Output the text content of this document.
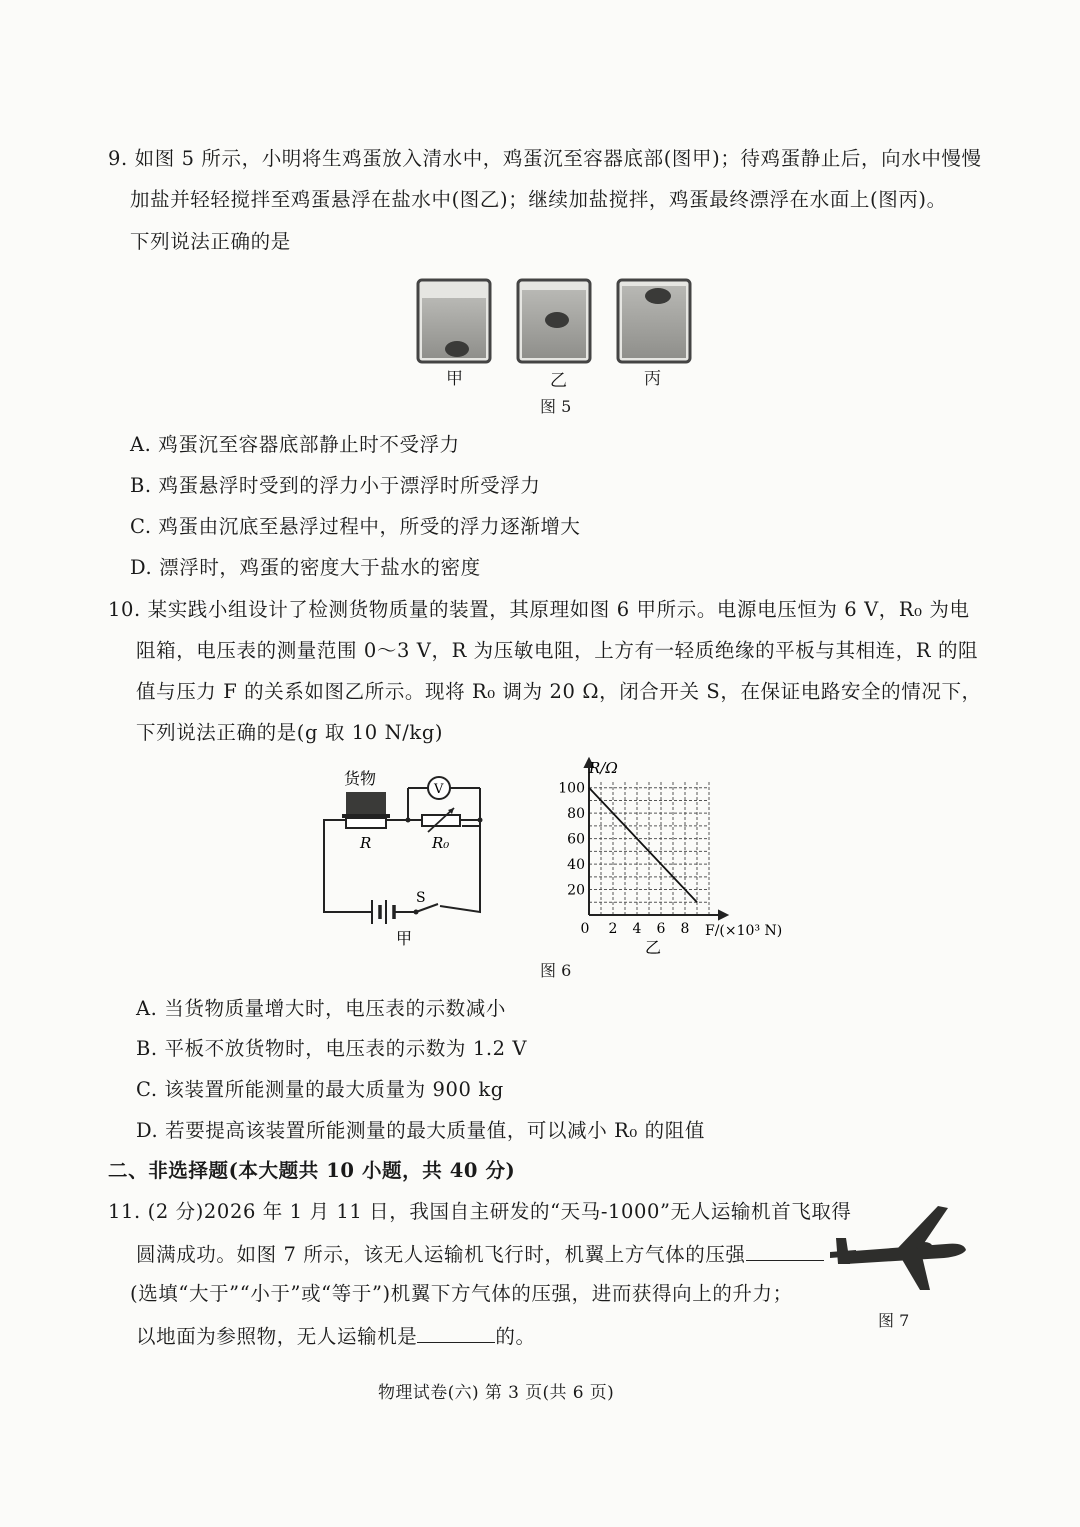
9. 如图 5 所示，小明将生鸡蛋放入清水中，鸡蛋沉至容器底部(图甲)；待鸡蛋静止后，向水中慢慢
加盐并轻轻搅拌至鸡蛋悬浮在盐水中(图乙)；继续加盐搅拌，鸡蛋最终漂浮在水面上(图丙)。
下列说法正确的是
甲	乙	丙
图 5
A. 鸡蛋沉至容器底部静止时不受浮力
B. 鸡蛋悬浮时受到的浮力小于漂浮时所受浮力
C. 鸡蛋由沉底至悬浮过程中，所受的浮力逐渐增大
D. 漂浮时，鸡蛋的密度大于盐水的密度
10. 某实践小组设计了检测货物质量的装置，其原理如图 6 甲所示。电源电压恒为 6 V，R₀ 为电
阻箱，电压表的测量范围 0～3 V，R 为压敏电阻，上方有一轻质绝缘的平板与其相连，R 的阻
值与压力 F 的关系如图乙所示。现将 R₀ 调为 20 Ω，闭合开关 S，在保证电路安全的情况下，
下列说法正确的是(g 取 10 N/kg)
货物
V
R	R₀
S
甲
100
80
60
40
20
0 2 4 6 8
R/Ω
F/(×10³ N)
乙
图 6
A. 当货物质量增大时，电压表的示数减小
B. 平板不放货物时，电压表的示数为 1.2 V
C. 该装置所能测量的最大质量为 900 kg
D. 若要提高该装置所能测量的最大质量值，可以减小 R₀ 的阻值
二、非选择题(本大题共 10 小题，共 40 分)
11. (2 分)2026 年 1 月 11 日，我国自主研发的“天马-1000”无人运输机首飞取得
圆满成功。如图 7 所示，该无人运输机飞行时，机翼上方气体的压强
(选填“大于”“小于”或“等于”)机翼下方气体的压强，进而获得向上的升力；
以地面为参照物，无人运输机是	的。
图 7
物理试卷(六) 第 3 页(共 6 页)
